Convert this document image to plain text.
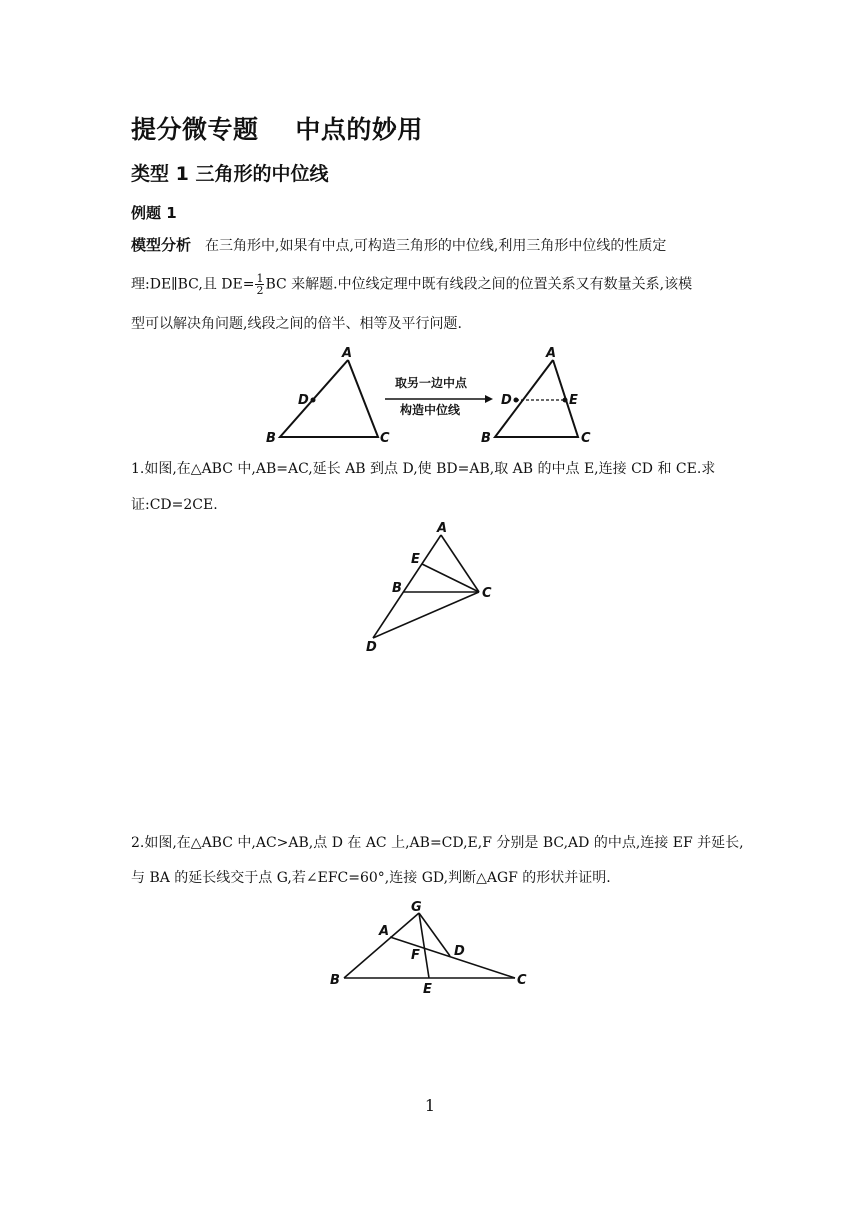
提分微专题    中点的妙用
类型 1 三角形的中位线
例题 1
模型分析 在三角形中,如果有中点,可构造三角形的中位线,利用三角形中位线的性质定
理:DE∥BC,且 $DE= \frac{1}{2}$ BC 来解题.中位线定理中既有线段之间的位置关系又有数量关系,该模
型可以解决角问题,线段之间的倍半、相等及平行问题.
A
D
B	C
取另一边中点
构造中位线
A
D	E
B	C
1.如图,在△ABC 中,AB=AC,延长 AB 到点 D,使 BD=AB,取 AB 的中点 E,连接 CD 和 CE.求
证:CD=2CE.
A
E
B	C
D
2.如图,在△ABC 中,AC>AB,点 D 在 AC 上,AB=CD,E,F 分别是 BC,AD 的中点,连接 EF 并延长,
与 BA 的延长线交于点 G,若∠EFC=60°,连接 GD,判断△AGF 的形状并证明.
G
A
D
F
B
E
C
1
